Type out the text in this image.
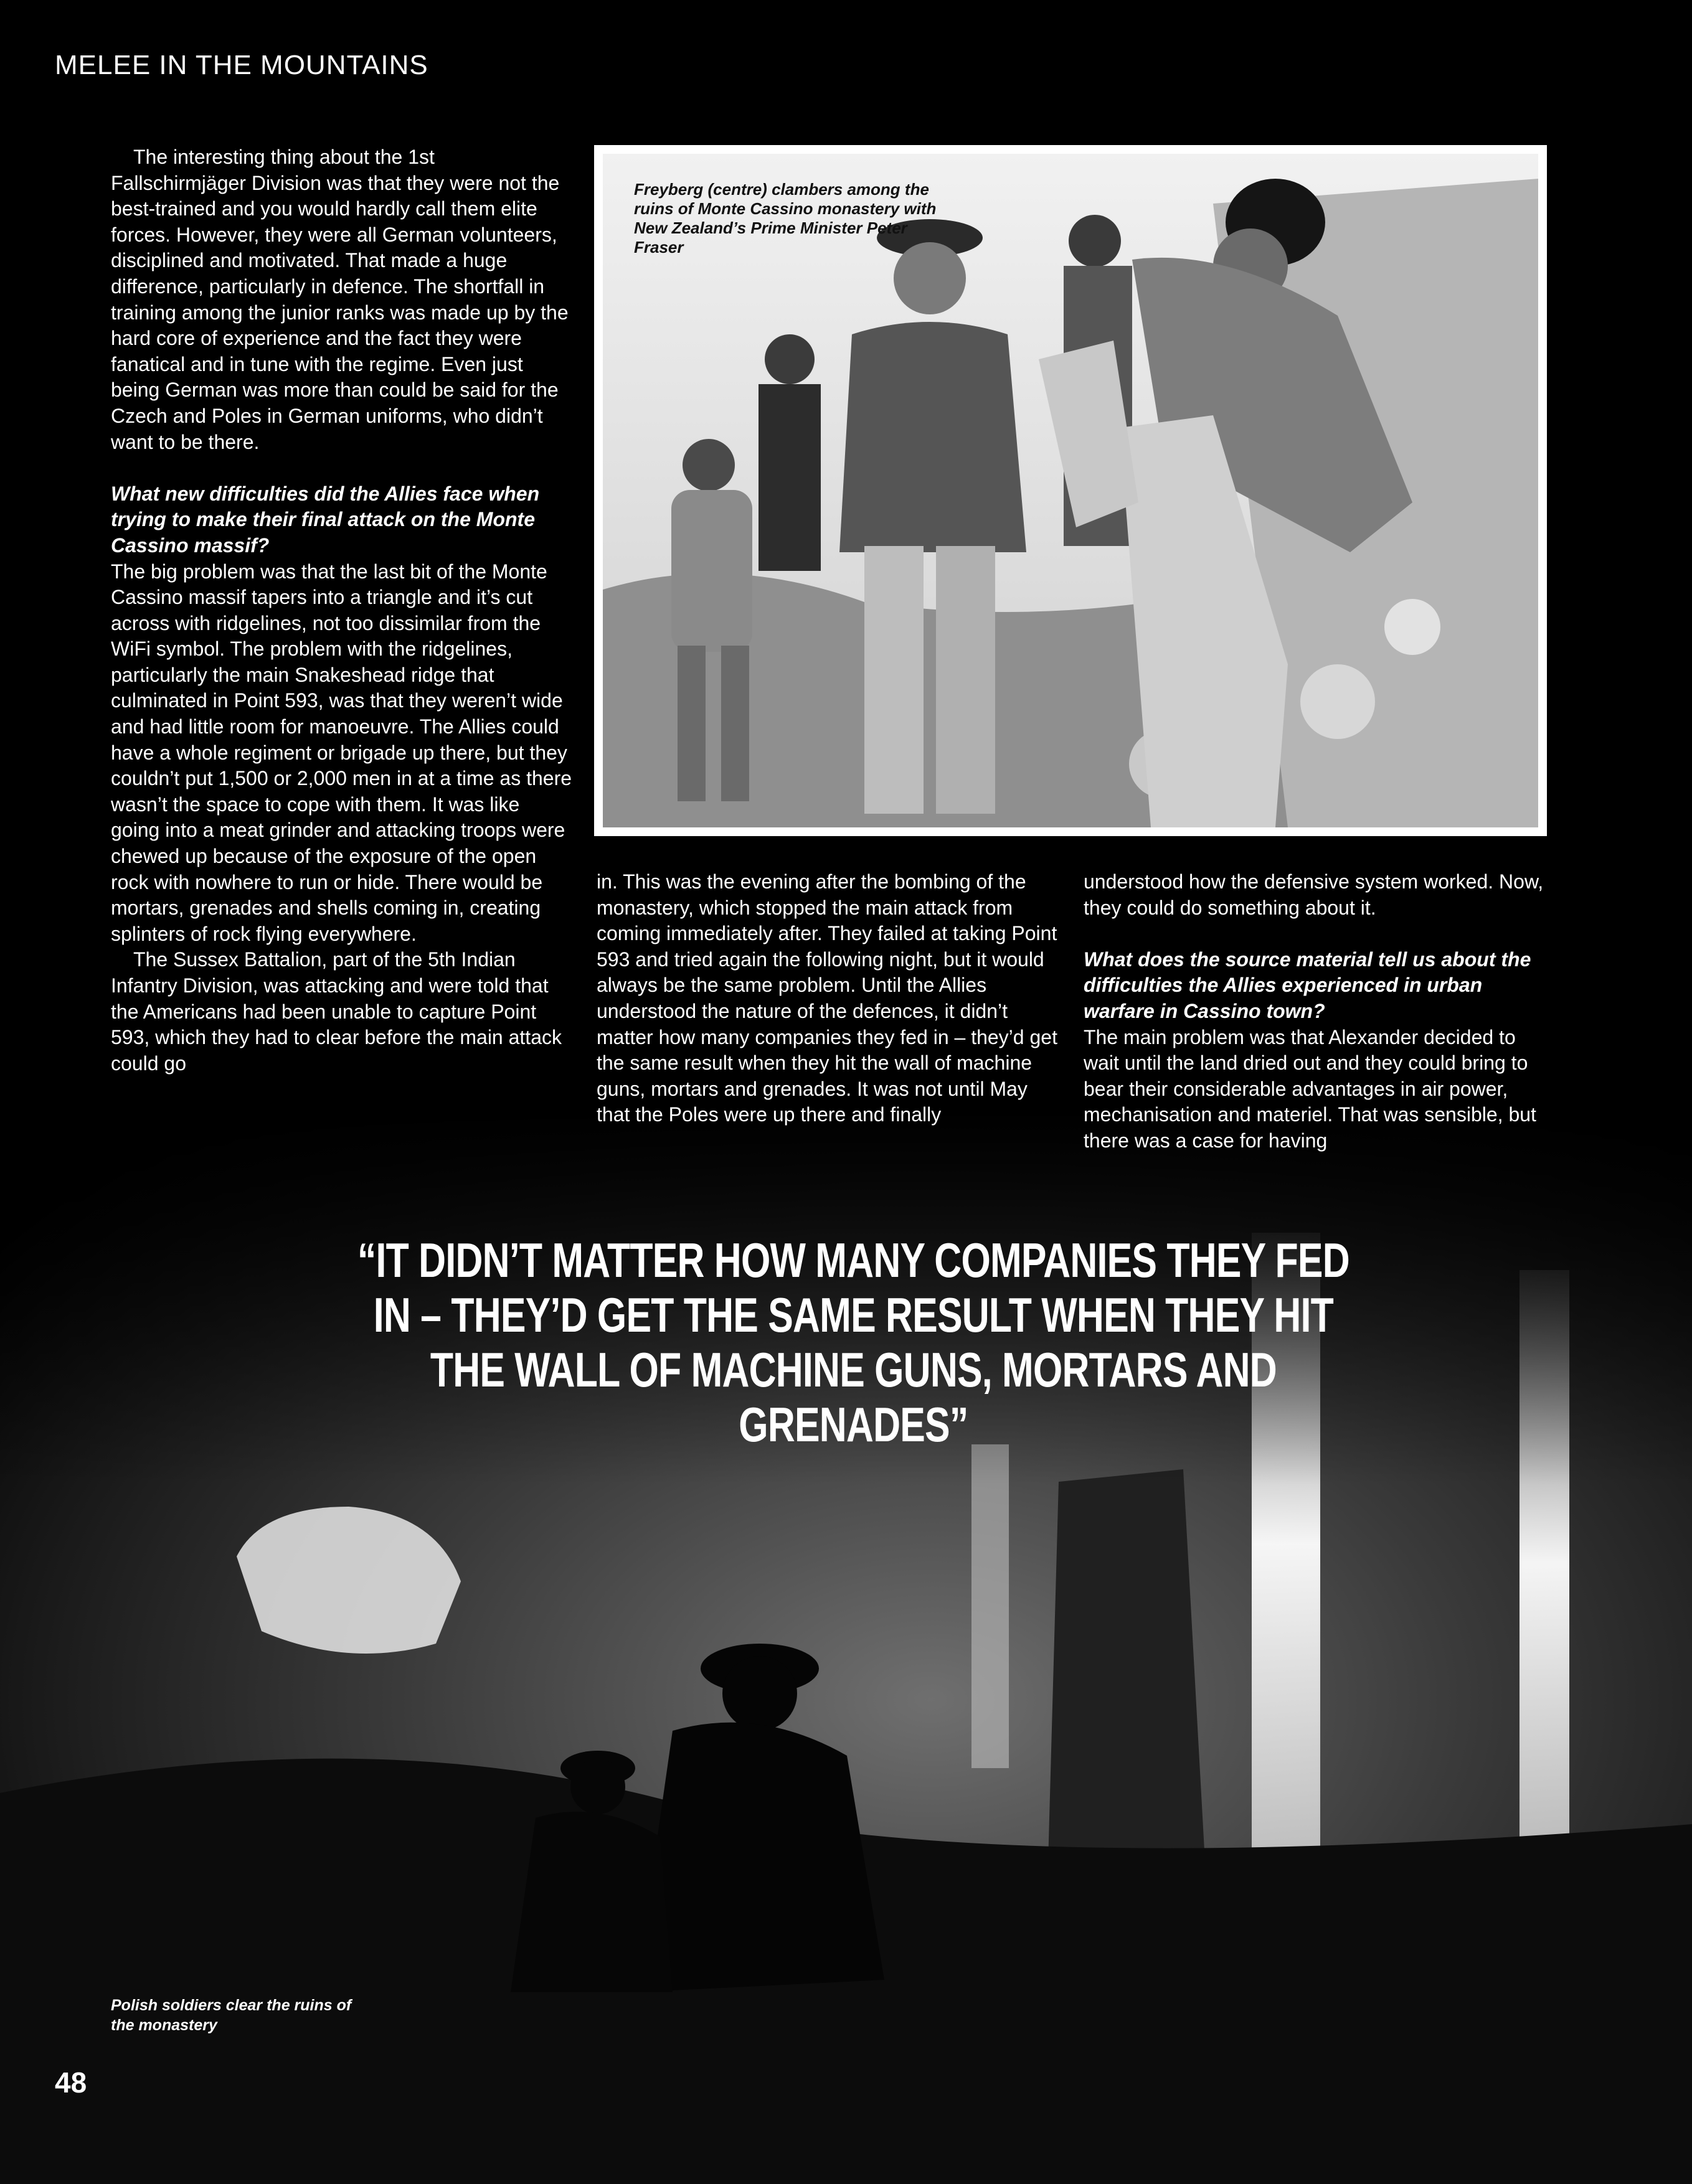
MELEE IN THE MOUNTAINS

The interesting thing about the 1st Fallschirmjäger Division was that they were not the best-trained and you would hardly call them elite forces. However, they were all German volunteers, disciplined and motivated. That made a huge difference, particularly in defence. The shortfall in training among the junior ranks was made up by the hard core of experience and the fact they were fanatical and in tune with the regime. Even just being German was more than could be said for the Czech and Poles in German uniforms, who didn’t want to be there.

What new difficulties did the Allies face when trying to make their final attack on the Monte Cassino massif?

The big problem was that the last bit of the Monte Cassino massif tapers into a triangle and it’s cut across with ridgelines, not too dissimilar from the WiFi symbol. The problem with the ridgelines, particularly the main Snakeshead ridge that culminated in Point 593, was that they weren’t wide and had little room for manoeuvre. The Allies could have a whole regiment or brigade up there, but they couldn’t put 1,500 or 2,000 men in at a time as there wasn’t the space to cope with them. It was like going into a meat grinder and attacking troops were chewed up because of the exposure of the open rock with nowhere to run or hide. There would be mortars, grenades and shells coming in, creating splinters of rock flying everywhere.

The Sussex Battalion, part of the 5th Indian Infantry Division, was attacking and were told that the Americans had been unable to capture Point 593, which they had to clear before the main attack could go

Freyberg (centre) clambers among the ruins of Monte Cassino monastery with New Zealand’s Prime Minister Peter Fraser

in. This was the evening after the bombing of the monastery, which stopped the main attack from coming immediately after. They failed at taking Point 593 and tried again the following night, but it would always be the same problem. Until the Allies understood the nature of the defences, it didn’t matter how many companies they fed in – they’d get the same result when they hit the wall of machine guns, mortars and grenades. It was not until May that the Poles were up there and finally

understood how the defensive system worked. Now, they could do something about it.

What does the source material tell us about the difficulties the Allies experienced in urban warfare in Cassino town?

The main problem was that Alexander decided to wait until the land dried out and they could bring to bear their considerable advantages in air power, mechanisation and materiel. That was sensible, but there was a case for having

“IT DIDN’T MATTER HOW MANY COMPANIES THEY FED IN – THEY’D GET THE SAME RESULT WHEN THEY HIT THE WALL OF MACHINE GUNS, MORTARS AND GRENADES”
Polish soldiers clear the ruins of the monastery
48
